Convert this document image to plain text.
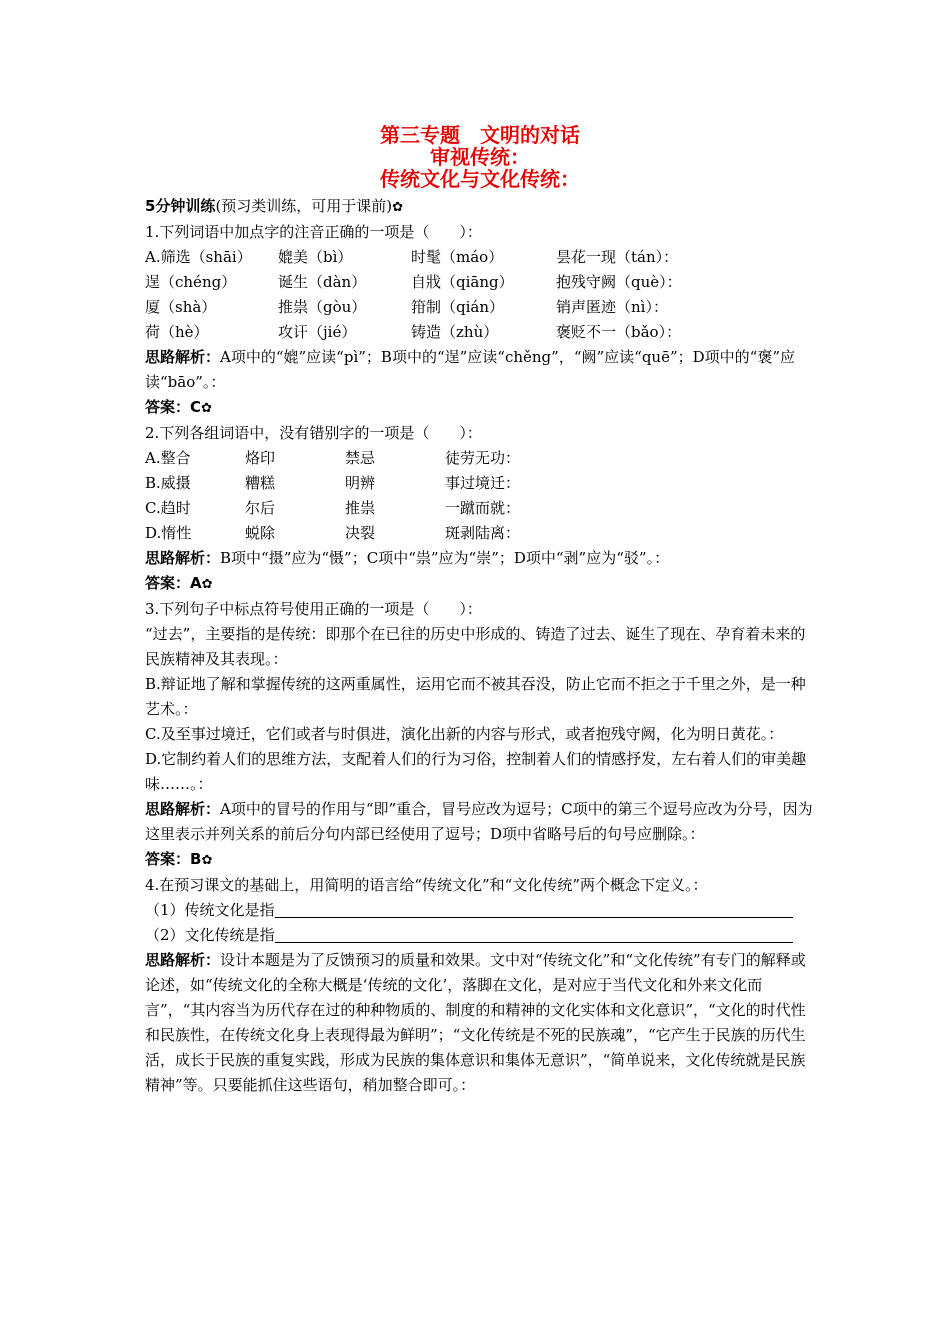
第三专题　文明的对话
审视传统：
传统文化与文化传统：
5分钟训练(预习类训练，可用于课前)✿
1.下列词语中加点字的注音正确的一项是（　　）：
A.筛选（shāi）	媲美（bì）	时髦（máo）	昙花一现（tán）：
逞（chéng）	诞生（dàn）	自戕（qiāng）	抱残守阙（què）：
厦（shà）	推祟（gòu）	箝制（qián）	销声匿迹（nì）：
荷（hè）	攻讦（jié）	铸造（zhù）	褒贬不一（bǎo）：
思路解析：A项中的“媲”应读“pì”；B项中的“逞”应读“chěng”，“阙”应读“quē”；D项中的“褒”应读“bāo”。：
答案：C✿
2.下列各组词语中，没有错别字的一项是（　　）：
A.整合	烙印	禁忌	徒劳无功：
B.威摄	糟糕	明辨	事过境迁：
C.趋时	尔后	推祟	一蹴而就：
D.惰性	蜕除	决裂	斑剥陆离：
思路解析：B项中“摄”应为“慑”；C项中“祟”应为“崇”；D项中“剥”应为“驳”。：
答案：A✿
3.下列句子中标点符号使用正确的一项是（　　）：
“过去”，主要指的是传统：即那个在已往的历史中形成的、铸造了过去、诞生了现在、孕育着未来的民族精神及其表现。：
B.辩证地了解和掌握传统的这两重属性，运用它而不被其吞没，防止它而不拒之于千里之外，是一种艺术。：
C.及至事过境迁，它们或者与时俱进，演化出新的内容与形式，或者抱残守阙，化为明日黄花。：
D.它制约着人们的思维方法，支配着人们的行为习俗，控制着人们的情感抒发，左右着人们的审美趣味……。：
思路解析：A项中的冒号的作用与“即”重合，冒号应改为逗号；C项中的第三个逗号应改为分号，因为这里表示并列关系的前后分句内部已经使用了逗号；D项中省略号后的句号应删除。：
答案：B✿
4.在预习课文的基础上，用简明的语言给“传统文化”和“文化传统”两个概念下定义。：
（1）传统文化是指
（2）文化传统是指
思路解析：设计本题是为了反馈预习的质量和效果。文中对“传统文化”和“文化传统”有专门的解释或论述，如“传统文化的全称大概是‘传统的文化’，落脚在文化，是对应于当代文化和外来文化而言”，“其内容当为历代存在过的种种物质的、制度的和精神的文化实体和文化意识”，“文化的时代性和民族性，在传统文化身上表现得最为鲜明”；“文化传统是不死的民族魂”，“它产生于民族的历代生活，成长于民族的重复实践，形成为民族的集体意识和集体无意识”，“简单说来，文化传统就是民族精神”等。只要能抓住这些语句，稍加整合即可。：
